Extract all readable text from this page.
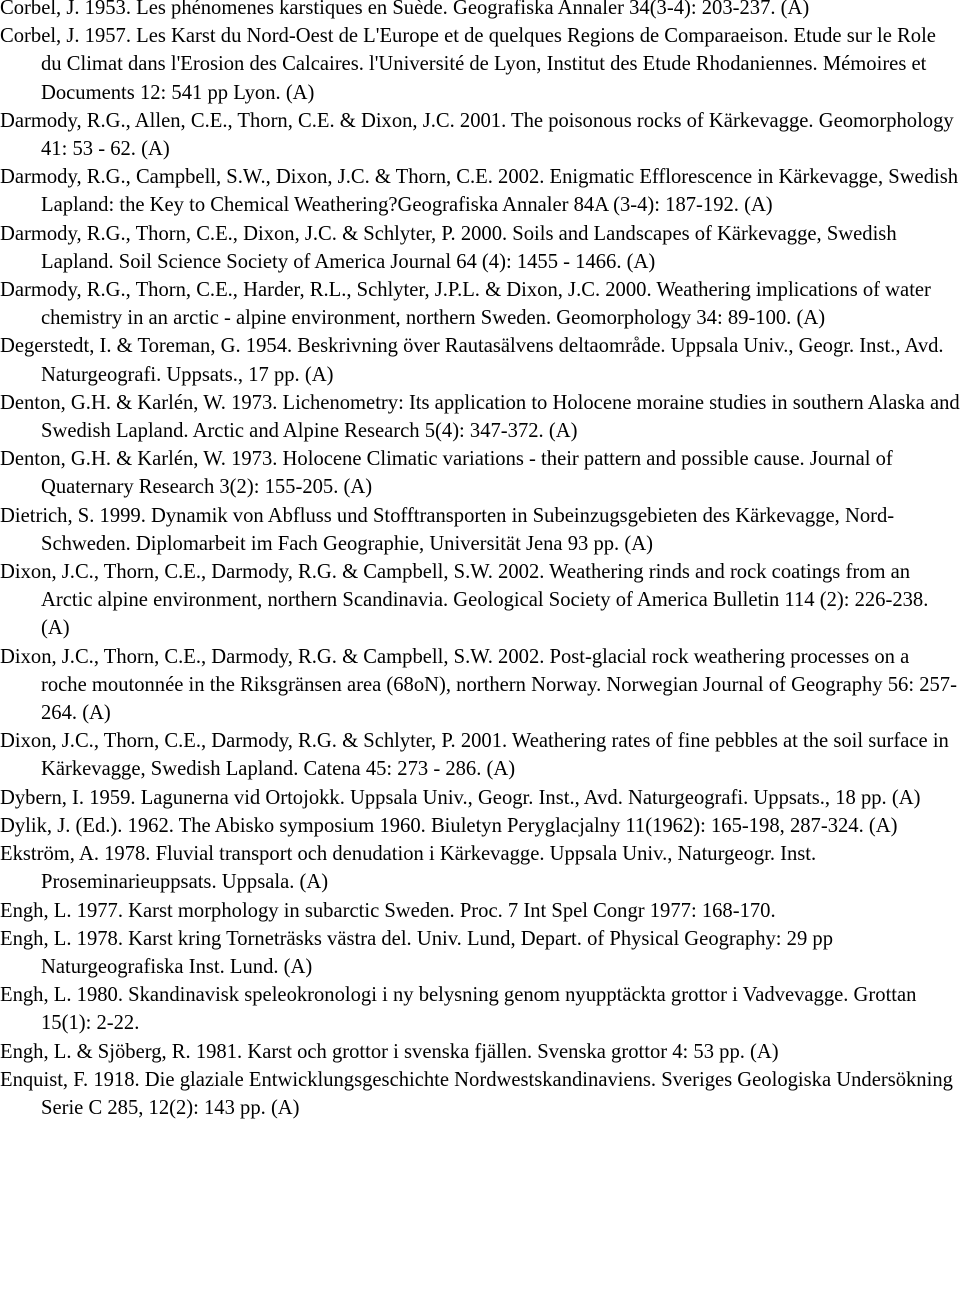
Corbel, J. 1953. Les phénomenes karstiques en Suède. Geografiska Annaler 34(3-4): 203-237. (A)

Corbel, J. 1957. Les Karst du Nord-Oest de L'Europe et de quelques Regions de Comparaeison. Etude sur le Role du Climat dans l'Erosion des Calcaires. l'Université de Lyon, Institut des Etude Rhodaniennes. Mémoires et Documents 12: 541 pp Lyon. (A)

Darmody, R.G., Allen, C.E., Thorn, C.E. & Dixon, J.C. 2001. The poisonous rocks of Kärkevagge. Geomorphology 41: 53 - 62. (A)

Darmody, R.G., Campbell, S.W., Dixon, J.C. & Thorn, C.E. 2002. Enigmatic Efflorescence in Kärkevagge, Swedish Lapland: the Key to Chemical Weathering?Geografiska Annaler 84A (3-4): 187-192. (A)

Darmody, R.G., Thorn, C.E., Dixon, J.C. & Schlyter, P. 2000. Soils and Landscapes of Kärkevagge, Swedish Lapland. Soil Science Society of America Journal 64 (4): 1455 - 1466. (A)

Darmody, R.G., Thorn, C.E., Harder, R.L., Schlyter, J.P.L. & Dixon, J.C. 2000. Weathering implications of water chemistry in an arctic - alpine environment, northern Sweden. Geomorphology 34: 89-100. (A)

Degerstedt, I. & Toreman, G. 1954. Beskrivning över Rautasälvens deltaområde. Uppsala Univ., Geogr. Inst., Avd. Naturgeografi. Uppsats., 17 pp. (A)

Denton, G.H. & Karlén, W. 1973. Lichenometry: Its application to Holocene moraine studies in southern Alaska and Swedish Lapland. Arctic and Alpine Research 5(4): 347-372. (A)

Denton, G.H. & Karlén, W. 1973. Holocene Climatic variations - their pattern and possible cause. Journal of Quaternary Research 3(2): 155-205. (A)

Dietrich, S. 1999. Dynamik von Abfluss und Stofftransporten in Subeinzugsgebieten des Kärkevagge, Nord-Schweden. Diplomarbeit im Fach Geographie, Universität Jena 93 pp. (A)

Dixon, J.C., Thorn, C.E., Darmody, R.G. & Campbell, S.W. 2002. Weathering rinds and rock coatings from an Arctic alpine environment, northern Scandinavia. Geological Society of America Bulletin 114 (2): 226-238. (A)

Dixon, J.C., Thorn, C.E., Darmody, R.G. & Campbell, S.W. 2002. Post-glacial rock weathering processes on a roche moutonnée in the Riksgränsen area (68oN), northern Norway. Norwegian Journal of Geography 56: 257-264. (A)

Dixon, J.C., Thorn, C.E., Darmody, R.G. & Schlyter, P. 2001. Weathering rates of fine pebbles at the soil surface in Kärkevagge, Swedish Lapland. Catena 45: 273 - 286. (A)

Dybern, I. 1959. Lagunerna vid Ortojokk. Uppsala Univ., Geogr. Inst., Avd. Naturgeografi. Uppsats., 18 pp. (A)

Dylik, J. (Ed.). 1962. The Abisko symposium 1960. Biuletyn Peryglacjalny 11(1962): 165-198, 287-324. (A)

Ekström, A. 1978. Fluvial transport och denudation i Kärkevagge. Uppsala Univ., Naturgeogr. Inst. Proseminarieuppsats. Uppsala. (A)

Engh, L. 1977. Karst morphology in subarctic Sweden. Proc. 7 Int Spel Congr 1977: 168-170.

Engh, L. 1978. Karst kring Torneträsks västra del. Univ. Lund, Depart. of Physical Geography: 29 pp Naturgeografiska Inst. Lund. (A)

Engh, L. 1980. Skandinavisk speleokronologi i ny belysning genom nyupptäckta grottor i Vadvevagge. Grottan 15(1): 2-22.

Engh, L. & Sjöberg, R. 1981. Karst och grottor i svenska fjällen. Svenska grottor 4: 53 pp. (A)

Enquist, F. 1918. Die glaziale Entwicklungsgeschichte Nordwestskandinaviens. Sveriges Geologiska Undersökning Serie C 285, 12(2): 143 pp. (A)
